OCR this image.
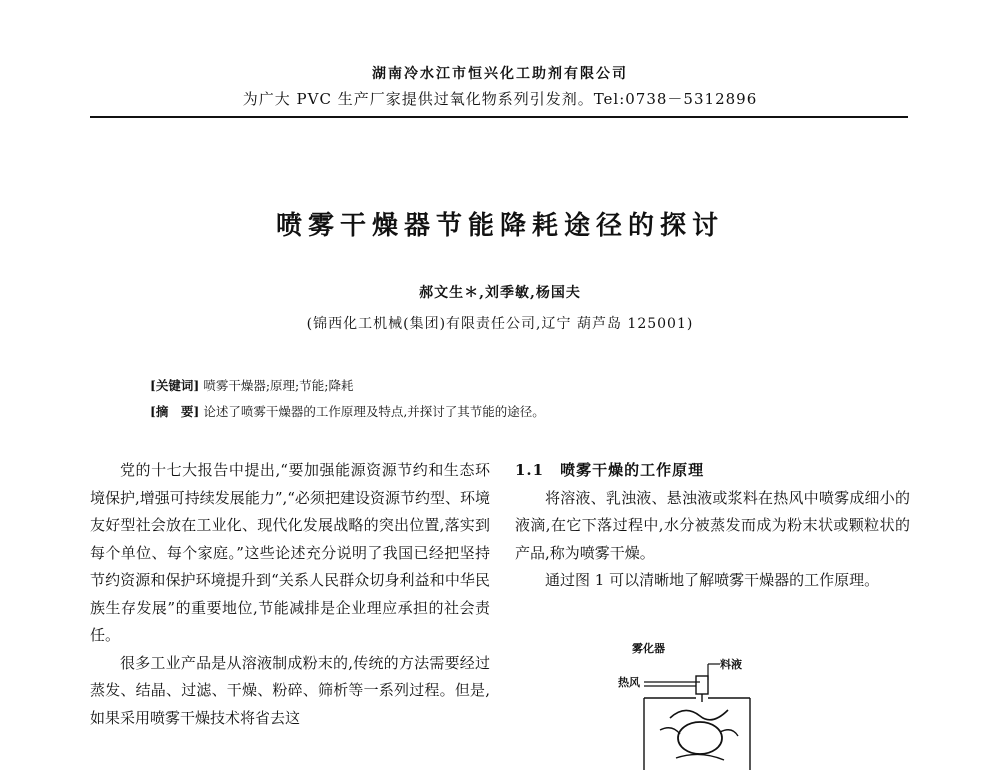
湖南冷水江市恒兴化工助剂有限公司
为广大 PVC 生产厂家提供过氧化物系列引发剂。Tel:0738－5312896
喷雾干燥器节能降耗途径的探讨
郝文生＊,刘季敏,杨国夫
(锦西化工机械(集团)有限责任公司,辽宁 葫芦岛 125001)
[关键词] 喷雾干燥器;原理;节能;降耗
[摘　要] 论述了喷雾干燥器的工作原理及特点,并探讨了其节能的途径。

党的十七大报告中提出,“要加强能源资源节约和生态环境保护,增强可持续发展能力”,“必须把建设资源节约型、环境友好型社会放在工业化、现代化发展战略的突出位置,落实到每个单位、每个家庭。”这些论述充分说明了我国已经把坚持节约资源和保护环境提升到“关系人民群众切身利益和中华民族生存发展”的重要地位,节能减排是企业理应承担的社会责任。

很多工业产品是从溶液制成粉末的,传统的方法需要经过蒸发、结晶、过滤、干燥、粉碎、筛析等一系列过程。但是,如果采用喷雾干燥技术将省去这

1.1　喷雾干燥的工作原理

将溶液、乳浊液、悬浊液或浆料在热风中喷雾成细小的液滴,在它下落过程中,水分被蒸发而成为粉末状或颗粒状的产品,称为喷雾干燥。

通过图 1 可以清晰地了解喷雾干燥器的工作原理。

雾化器
料液
热风
